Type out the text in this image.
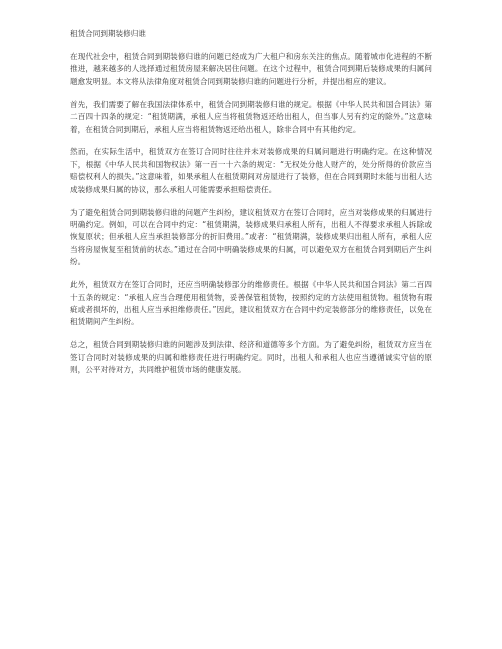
租赁合同到期装修归谁

在现代社会中，租赁合同到期装修归谁的问题已经成为广大租户和房东关注的焦点。随着城市化进程的不断推进，越来越多的人选择通过租赁房屋来解决居住问题。在这个过程中，租赁合同到期后装修成果的归属问题愈发明显。本文将从法律角度对租赁合同到期装修归谁的问题进行分析，并提出相应的建议。

首先，我们需要了解在我国法律体系中，租赁合同到期装修归谁的规定。根据《中华人民共和国合同法》第二百四十四条的规定：“租赁期满，承租人应当将租赁物返还给出租人，但当事人另有约定的除外。”这意味着，在租赁合同到期后，承租人应当将租赁物返还给出租人，除非合同中有其他约定。

然而，在实际生活中，租赁双方在签订合同时往往并未对装修成果的归属问题进行明确约定。在这种情况下，根据《中华人民共和国物权法》第一百一十六条的规定：“无权处分他人财产的，处分所得的价款应当赔偿权利人的损失。”这意味着，如果承租人在租赁期间对房屋进行了装修，但在合同到期时未能与出租人达成装修成果归属的协议，那么承租人可能需要承担赔偿责任。

为了避免租赁合同到期装修归谁的问题产生纠纷，建议租赁双方在签订合同时，应当对装修成果的归属进行明确约定。例如，可以在合同中约定：“租赁期满，装修成果归承租人所有，出租人不得要求承租人拆除或恢复原状；但承租人应当承担装修部分的折旧费用。”或者：“租赁期满，装修成果归出租人所有，承租人应当将房屋恢复至租赁前的状态。”通过在合同中明确装修成果的归属，可以避免双方在租赁合同到期后产生纠纷。

此外，租赁双方在签订合同时，还应当明确装修部分的维修责任。根据《中华人民共和国合同法》第二百四十五条的规定：“承租人应当合理使用租赁物，妥善保管租赁物，按照约定的方法使用租赁物。租赁物有瑕疵或者损坏的，出租人应当承担维修责任。”因此，建议租赁双方在合同中约定装修部分的维修责任，以免在租赁期间产生纠纷。

总之，租赁合同到期装修归谁的问题涉及到法律、经济和道德等多个方面。为了避免纠纷，租赁双方应当在签订合同时对装修成果的归属和维修责任进行明确约定。同时，出租人和承租人也应当遵循诚实守信的原则，公平对待对方，共同维护租赁市场的健康发展。
